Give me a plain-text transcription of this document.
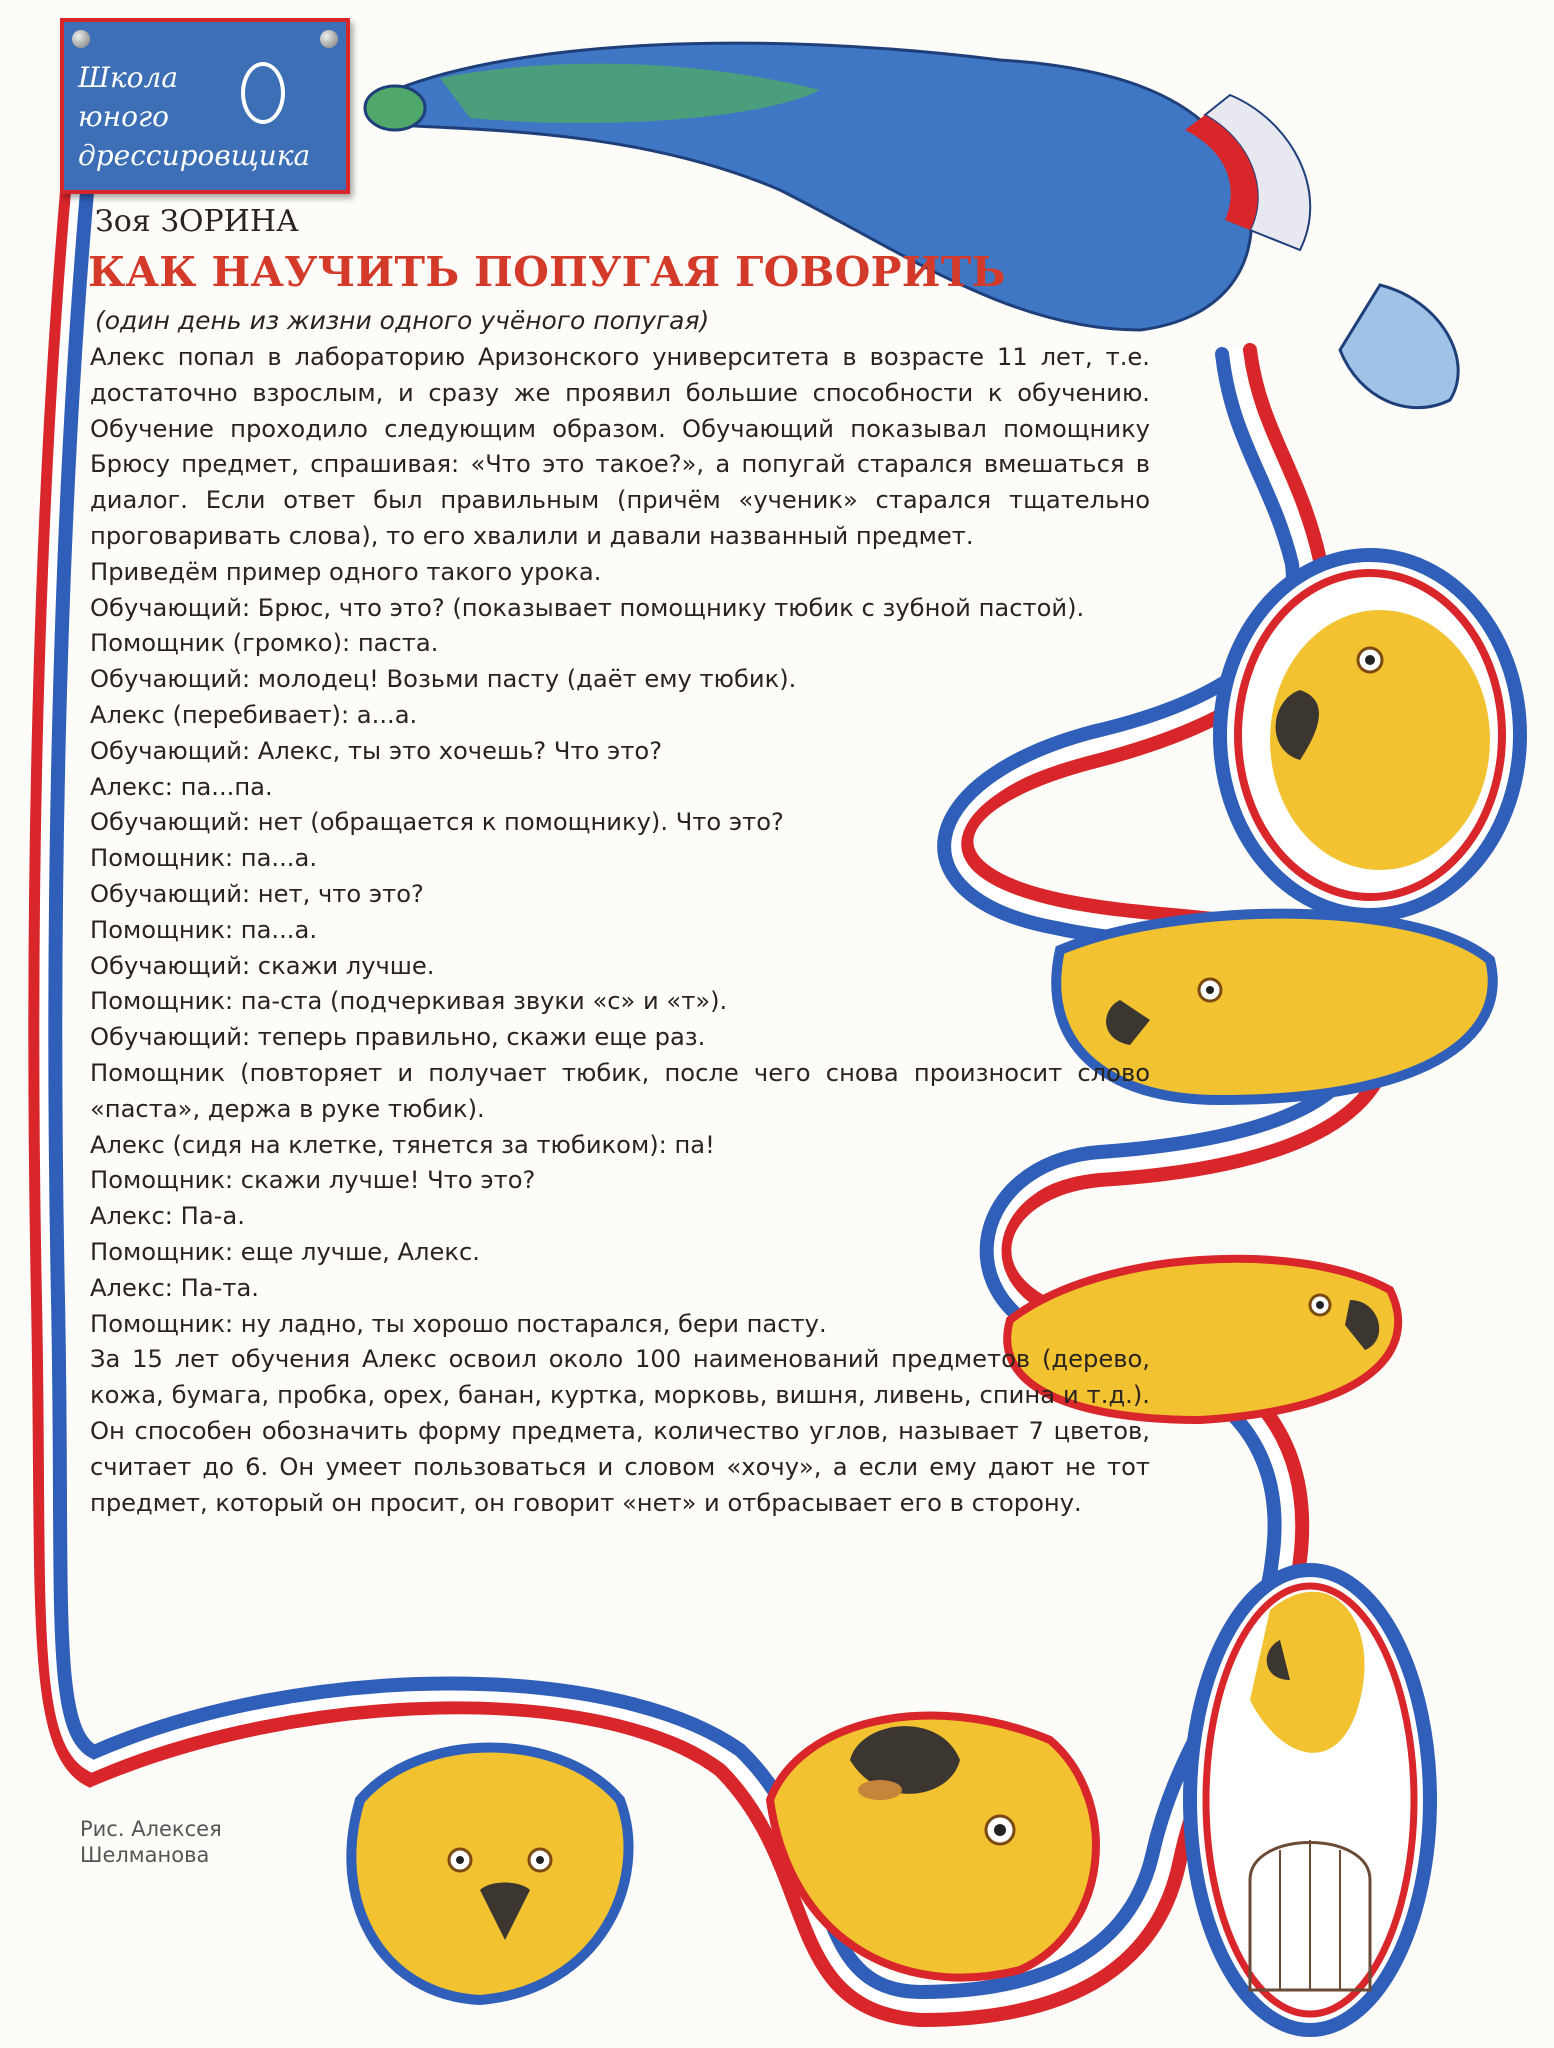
Школа
юного
дрессировщика
Зоя ЗОРИНА
КАК НАУЧИТЬ ПОПУГАЯ ГОВОРИТЬ
(один день из жизни одного учёного попугая)

Алекс попал в лабораторию Аризонского университета в возрасте 11 лет, т.е. достаточно взрослым, и сразу же проявил большие способности к обучению. Обучение проходило следующим образом. Обучающий показывал помощнику Брюсу предмет, спрашивая: «Что это такое?», а попугай старался вмешаться в диалог. Если ответ был правильным (причём «ученик» старался тщательно проговаривать слова), то его хвалили и давали названный предмет.

Приведём пример одного такого урока.

Обучающий: Брюс, что это? (показывает помощнику тюбик с зубной пастой).

Помощник (громко): паста.

Обучающий: молодец! Возьми пасту (даёт ему тюбик).

Алекс (перебивает): а...а.

Обучающий: Алекс, ты это хочешь? Что это?

Алекс: па...па.

Обучающий: нет (обращается к помощнику). Что это?

Помощник: па...а.

Обучающий: нет, что это?

Помощник: па...а.

Обучающий: скажи лучше.

Помощник: па-ста (подчеркивая звуки «с» и «т»).

Обучающий: теперь правильно, скажи еще раз.

Помощник (повторяет и получает тюбик, после чего снова произносит слово «паста», держа в руке тюбик).

Алекс (сидя на клетке, тянется за тюбиком): па!

Помощник: скажи лучше! Что это?

Алекс: Па-а.

Помощник: еще лучше, Алекс.

Алекс: Па-та.

Помощник: ну ладно, ты хорошо постарался, бери пасту.

За 15 лет обучения Алекс освоил около 100 наименований предметов (дерево, кожа, бумага, пробка, орех, банан, куртка, морковь, вишня, ливень, спина и т.д.). Он способен обозначить форму предмета, количество углов, называет 7 цветов, считает до 6. Он умеет пользоваться и словом «хочу», а если ему дают не тот предмет, который он просит, он говорит «нет» и отбрасывает его в сторону.

Рис. Алексея
Шелманова
